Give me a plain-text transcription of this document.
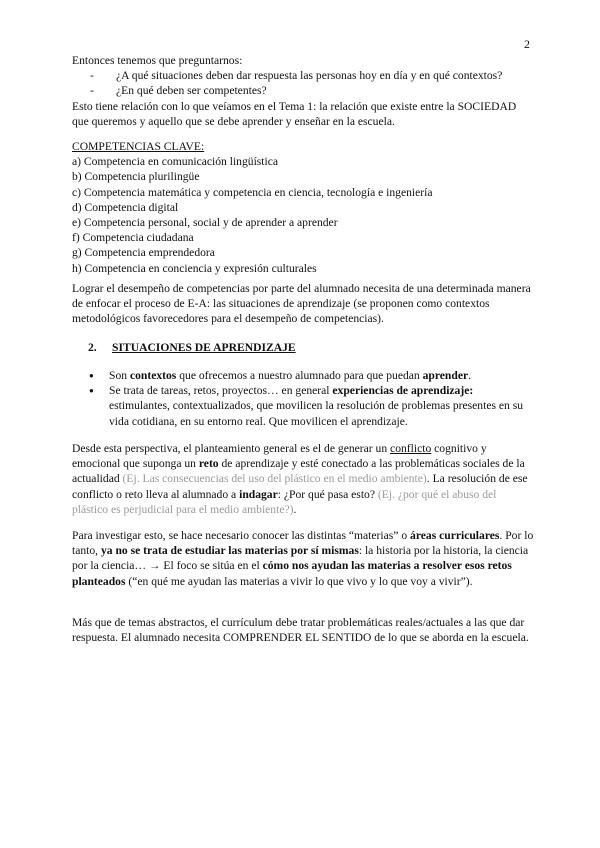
2

Entonces tenemos que preguntarnos:

- ¿A qué situaciones deben dar respuesta las personas hoy en día y en qué contextos?
- ¿En qué deben ser competentes?

Esto tiene relación con lo que veíamos en el Tema 1: la relación que existe entre la SOCIEDAD que queremos y aquello que se debe aprender y enseñar en la escuela.

COMPETENCIAS CLAVE:

a) Competencia en comunicación lingüística
b) Competencia plurilingüe
c) Competencia matemática y competencia en ciencia, tecnología e ingeniería
d) Competencia digital
e) Competencia personal, social y de aprender a aprender
f) Competencia ciudadana
g) Competencia emprendedora
h) Competencia en conciencia y expresión culturales

Lograr el desempeño de competencias por parte del alumnado necesita de una determinada manera de enfocar el proceso de E-A: las situaciones de aprendizaje (se proponen como contextos metodológicos favorecedores para el desempeño de competencias).

2. SITUACIONES DE APRENDIZAJE
● Son contextos que ofrecemos a nuestro alumnado para que puedan aprender.
● Se trata de tareas, retos, proyectos… en general experiencias de aprendizaje: estimulantes, contextualizados, que movilicen la resolución de problemas presentes en su vida cotidiana, en su entorno real. Que movilicen el aprendizaje.

Desde esta perspectiva, el planteamiento general es el de generar un conflicto cognitivo y emocional que suponga un reto de aprendizaje y esté conectado a las problemáticas sociales de la actualidad (Ej. Las consecuencias del uso del plástico en el medio ambiente). La resolución de ese conflicto o reto lleva al alumnado a indagar: ¿Por qué pasa esto? (Ej. ¿por qué el abuso del plástico es perjudicial para el medio ambiente?).

Para investigar esto, se hace necesario conocer las distintas “materias” o áreas curriculares. Por lo tanto, ya no se trata de estudiar las materias por sí mismas: la historia por la historia, la ciencia por la ciencia… → El foco se sitúa en el cómo nos ayudan las materias a resolver esos retos planteados (“en qué me ayudan las materias a vivir lo que vivo y lo que voy a vivir”).

Más que de temas abstractos, el currículum debe tratar problemáticas reales/actuales a las que dar respuesta. El alumnado necesita COMPRENDER EL SENTIDO de lo que se aborda en la escuela.
